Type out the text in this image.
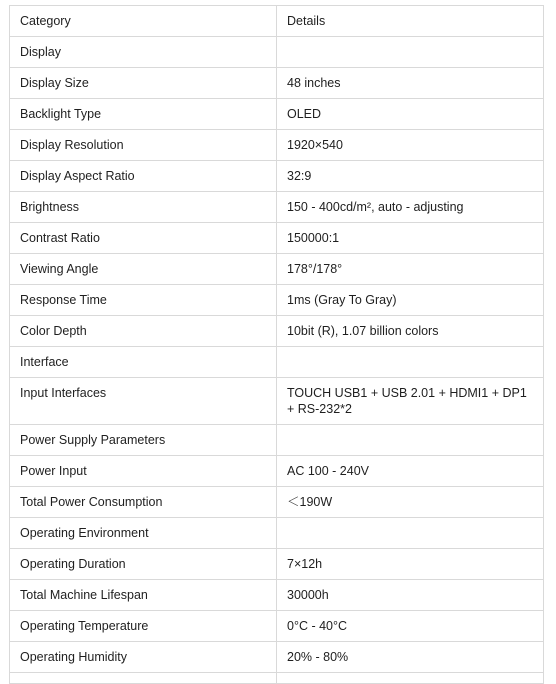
Category	Details
Display	
Display Size	48 inches
Backlight Type	OLED
Display Resolution	1920×540
Display Aspect Ratio	32:9
Brightness	150 - 400cd/m², auto - adjusting
Contrast Ratio	150000:1
Viewing Angle	178°/178°
Response Time	1ms (Gray To Gray)
Color Depth	10bit (R), 1.07 billion colors
Interface	
Input Interfaces	TOUCH USB1 + USB 2.01 + HDMI1 + DP1 + RS-232*2
Power Supply Parameters	
Power Input	AC 100 - 240V
Total Power Consumption	＜190W
Operating Environment	
Operating Duration	7×12h
Total Machine Lifespan	30000h
Operating Temperature	0°C - 40°C
Operating Humidity	20% - 80%
